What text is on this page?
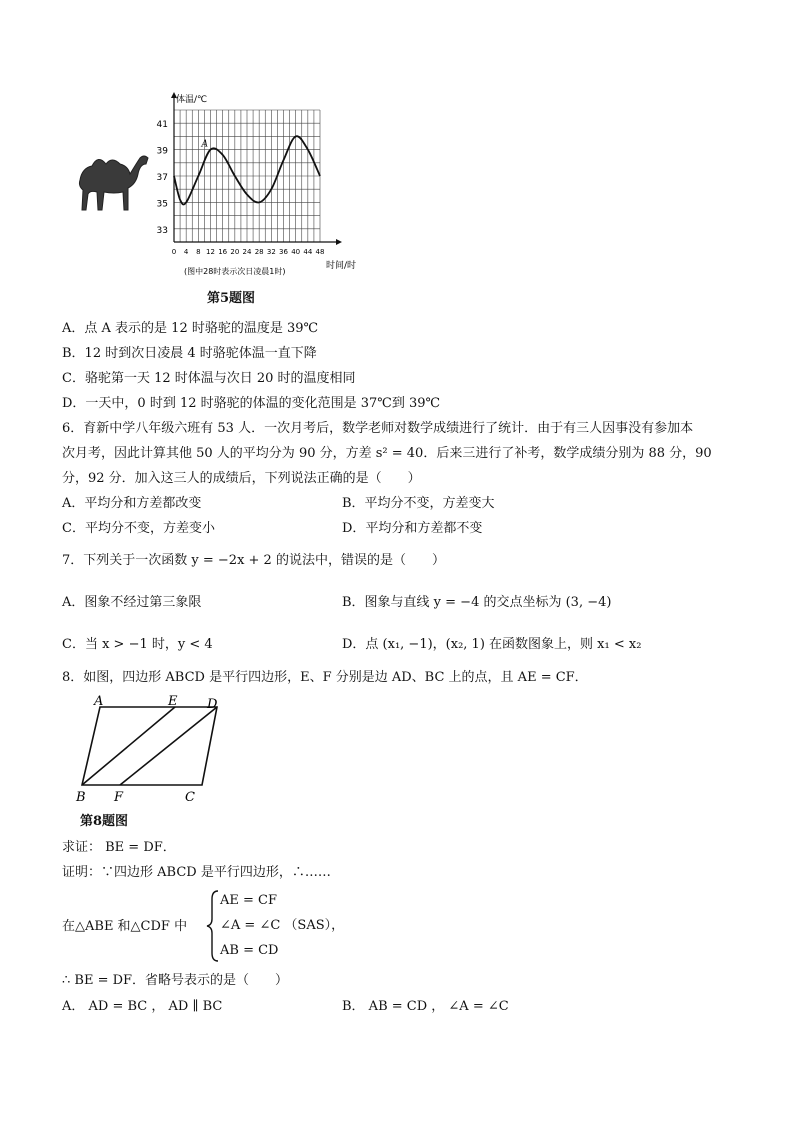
33
35
37
39
41
0 4 8 12 16 20 24 28 32 36 40 44 48
体温/℃
时间/时
(图中28时表示次日凌晨1时)
A
第5题图
A．点 A 表示的是 12 时骆驼的温度是 39℃
B．12 时到次日凌晨 4 时骆驼体温一直下降
C．骆驼第一天 12 时体温与次日 20 时的温度相同
D．一天中，0 时到 12 时骆驼的体温的变化范围是 37℃到 39℃
6．育新中学八年级六班有 53 人．一次月考后，数学老师对数学成绩进行了统计．由于有三人因事没有参加本
次月考，因此计算其他 50 人的平均分为 90 分，方差 s² = 40．后来三进行了补考，数学成绩分别为 88 分，90
分，92 分．加入这三人的成绩后，下列说法正确的是（　　）
A．平均分和方差都改变	B．平均分不变，方差变大
C．平均分不变，方差变小	D．平均分和方差都不变
7．下列关于一次函数 y = −2x + 2 的说法中，错误的是（　　）
A．图象不经过第三象限	B．图象与直线 y = −4 的交点坐标为 (3, −4)
C．当 x > −1 时，y < 4	D．点 (x₁, −1)，(x₂, 1) 在函数图象上，则 x₁ < x₂
8．如图，四边形 ABCD 是平行四边形，E、F 分别是边 AD、BC 上的点，且 AE = CF．
A	E D
B F	C
第8题图
求证： BE = DF．
证明：∵四边形 ABCD 是平行四边形，∴……
在△ABE 和△CDF 中
AE = CF
∠A = ∠C （SAS），
AB = CD
∴ BE = DF．省略号表示的是（　　）
A． AD = BC ， AD ∥ BC	B． AB = CD ， ∠A = ∠C
